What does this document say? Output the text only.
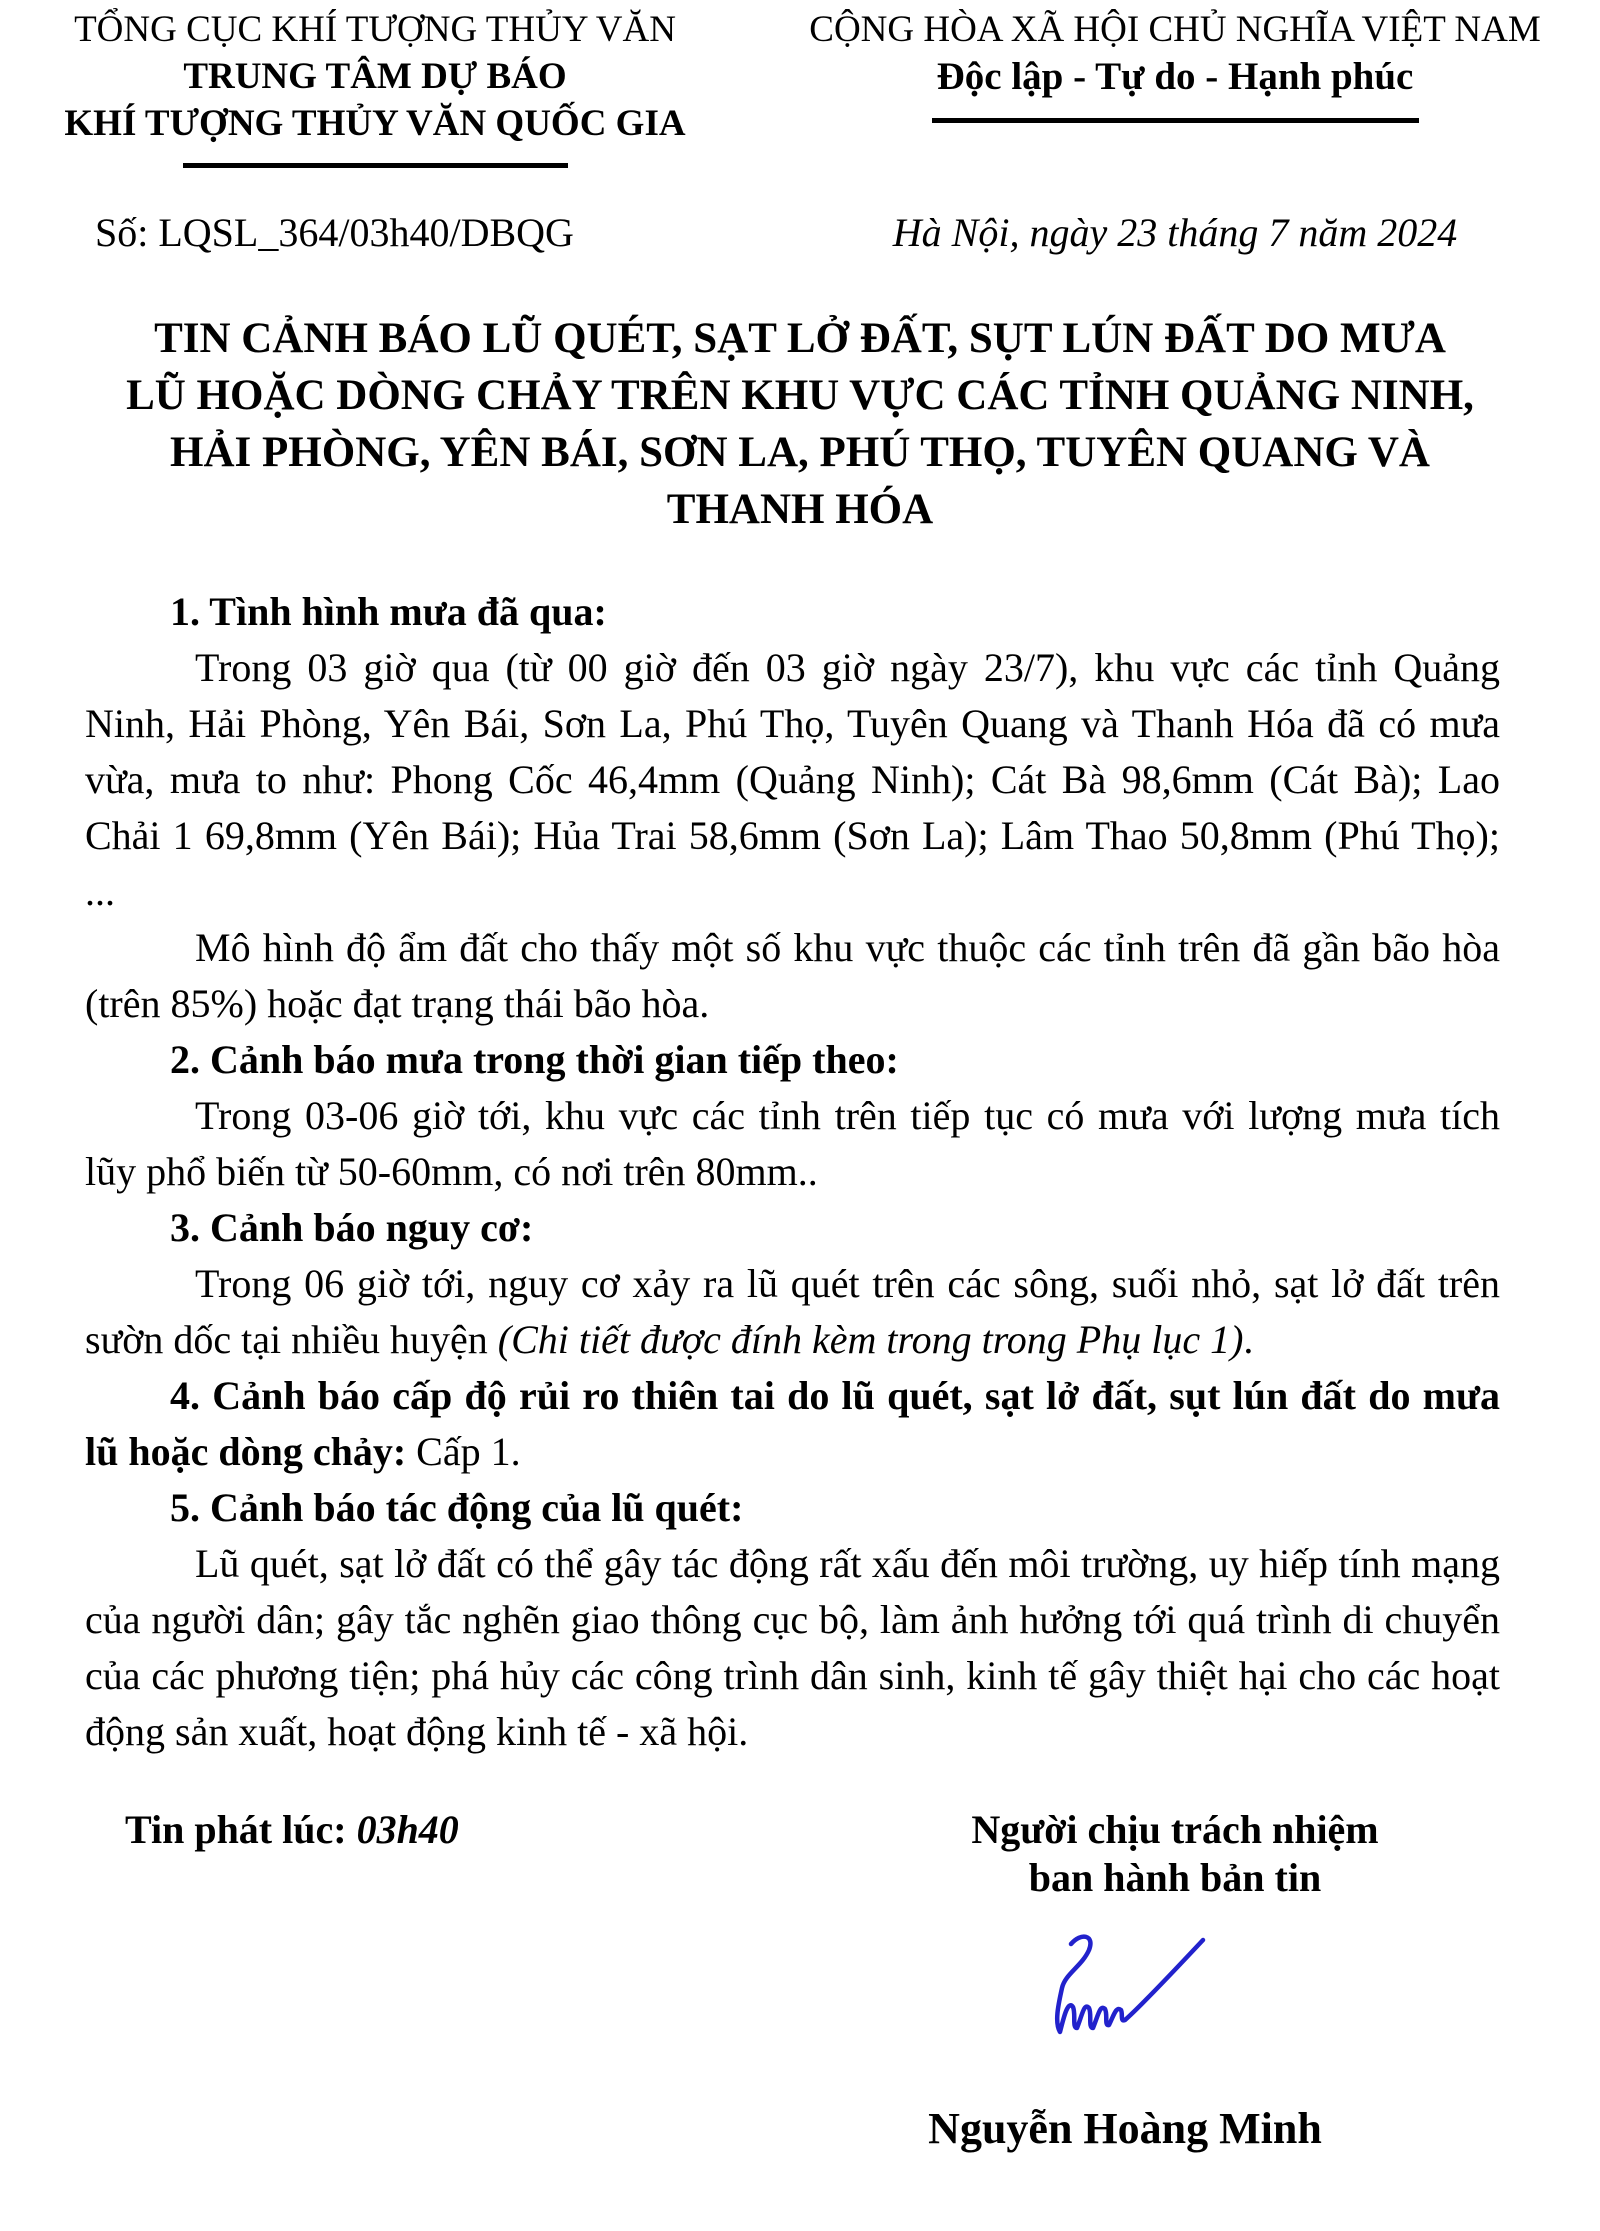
TỔNG CỤC KHÍ TƯỢNG THỦY VĂN
TRUNG TÂM DỰ BÁO
KHÍ TƯỢNG THỦY VĂN QUỐC GIA
CỘNG HÒA XÃ HỘI CHỦ NGHĨA VIỆT NAM
Độc lập - Tự do - Hạnh phúc
Số: LQSL_364/03h40/DBQG	Hà Nội, ngày 23 tháng 7 năm 2024
TIN CẢNH BÁO LŨ QUÉT, SẠT LỞ ĐẤT, SỤT LÚN ĐẤT DO MƯA
LŨ HOẶC DÒNG CHẢY TRÊN KHU VỰC CÁC TỈNH QUẢNG NINH,
HẢI PHÒNG, YÊN BÁI, SƠN LA, PHÚ THỌ, TUYÊN QUANG VÀ
THANH HÓA

1. Tình hình mưa đã qua:

Trong 03 giờ qua (từ 00 giờ đến 03 giờ ngày 23/7), khu vực các tỉnh Quảng Ninh, Hải Phòng, Yên Bái, Sơn La, Phú Thọ, Tuyên Quang và Thanh Hóa đã có mưa vừa, mưa to như: Phong Cốc 46,4mm (Quảng Ninh); Cát Bà 98,6mm (Cát Bà); Lao Chải 1 69,8mm (Yên Bái); Hủa Trai 58,6mm (Sơn La); Lâm Thao 50,8mm (Phú Thọ); ...

Mô hình độ ẩm đất cho thấy một số khu vực thuộc các tỉnh trên đã gần bão hòa (trên 85%) hoặc đạt trạng thái bão hòa.

2. Cảnh báo mưa trong thời gian tiếp theo:

Trong 03-06 giờ tới, khu vực các tỉnh trên tiếp tục có mưa với lượng mưa tích lũy phổ biến từ 50-60mm, có nơi trên 80mm..

3. Cảnh báo nguy cơ:

Trong 06 giờ tới, nguy cơ xảy ra lũ quét trên các sông, suối nhỏ, sạt lở đất trên sườn dốc tại nhiều huyện (Chi tiết được đính kèm trong trong Phụ lục 1).

4. Cảnh báo cấp độ rủi ro thiên tai do lũ quét, sạt lở đất, sụt lún đất do mưa lũ hoặc dòng chảy: Cấp 1.

5. Cảnh báo tác động của lũ quét:

Lũ quét, sạt lở đất có thể gây tác động rất xấu đến môi trường, uy hiếp tính mạng của người dân; gây tắc nghẽn giao thông cục bộ, làm ảnh hưởng tới quá trình di chuyển của các phương tiện; phá hủy các công trình dân sinh, kinh tế gây thiệt hại cho các hoạt động sản xuất, hoạt động kinh tế - xã hội.

Tin phát lúc: 03h40	Người chịu trách nhiệm
ban hành bản tin
Nguyễn Hoàng Minh
